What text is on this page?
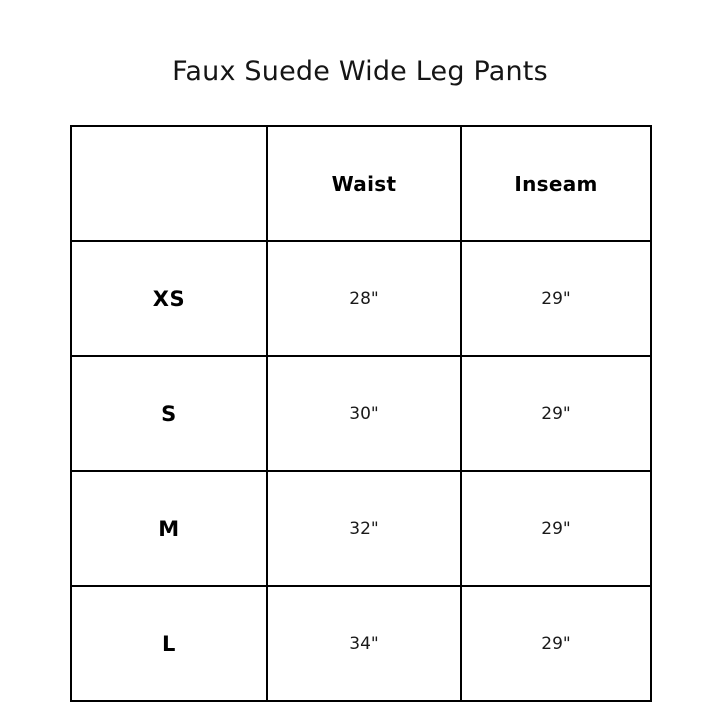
Faux Suede Wide Leg Pants
	Waist	Inseam
XS	28"	29"
S	30"	29"
M	32"	29"
L	34"	29"
